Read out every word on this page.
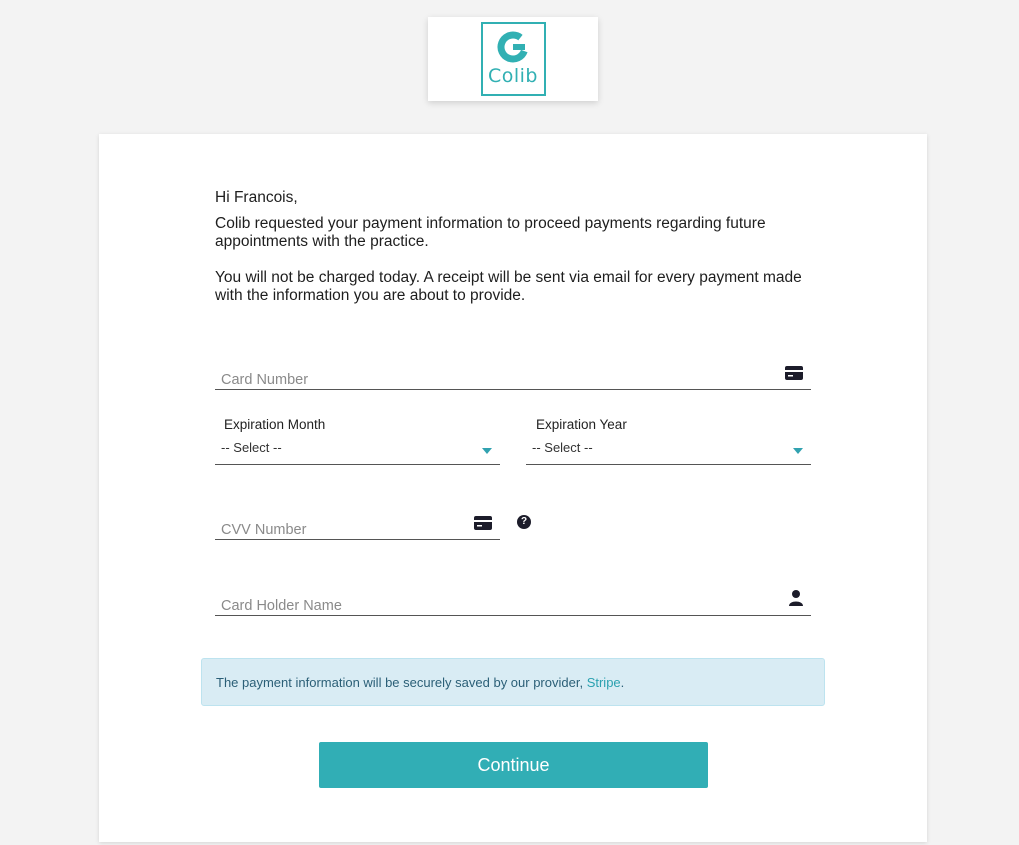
Colib

Hi Francois,

Colib requested your payment information to proceed payments regarding future appointments with the practice.

You will not be charged today. A receipt will be sent via email for every payment made with the information you are about to provide.

Card Number
Expiration Month
-- Select --
Expiration Year
-- Select --
CVV Number
?
Card Holder Name
The payment information will be securely saved by our provider, Stripe.
Continue
